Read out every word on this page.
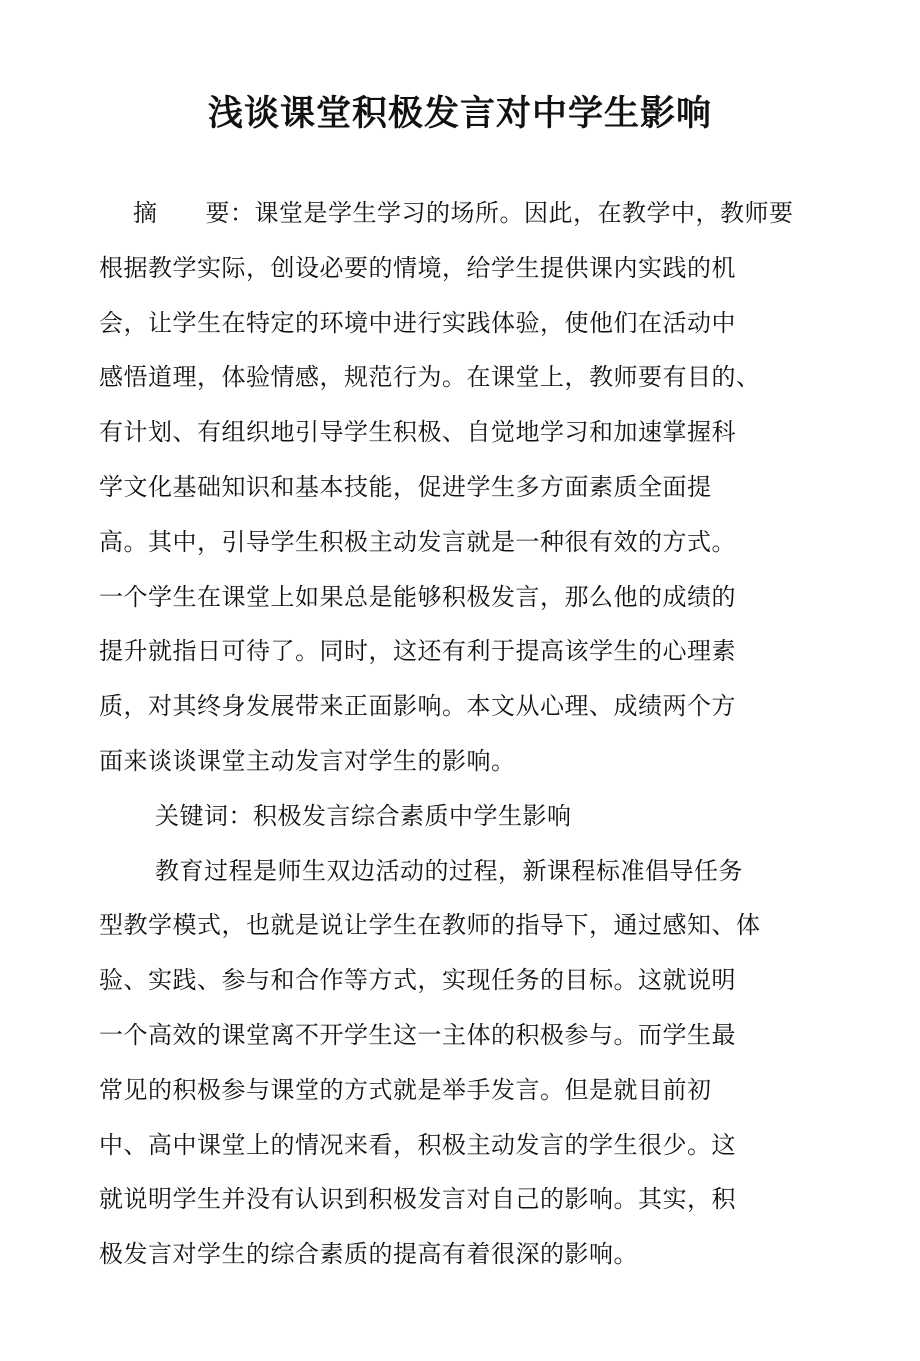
浅谈课堂积极发言对中学生影响
摘 要：课堂是学生学习的场所。因此，在教学中，教师要
根据教学实际，创设必要的情境，给学生提供课内实践的机
会，让学生在特定的环境中进行实践体验，使他们在活动中
感悟道理，体验情感，规范行为。在课堂上，教师要有目的、
有计划、有组织地引导学生积极、自觉地学习和加速掌握科
学文化基础知识和基本技能，促进学生多方面素质全面提
高。其中，引导学生积极主动发言就是一种很有效的方式。
一个学生在课堂上如果总是能够积极发言，那么他的成绩的
提升就指日可待了。同时，这还有利于提高该学生的心理素
质，对其终身发展带来正面影响。本文从心理、成绩两个方
面来谈谈课堂主动发言对学生的影响。
关键词：积极发言综合素质中学生影响
教育过程是师生双边活动的过程，新课程标准倡导任务
型教学模式，也就是说让学生在教师的指导下，通过感知、体
验、实践、参与和合作等方式，实现任务的目标。这就说明
一个高效的课堂离不开学生这一主体的积极参与。而学生最
常见的积极参与课堂的方式就是举手发言。但是就目前初
中、高中课堂上的情况来看，积极主动发言的学生很少。这
就说明学生并没有认识到积极发言对自己的影响。其实，积
极发言对学生的综合素质的提高有着很深的影响。
